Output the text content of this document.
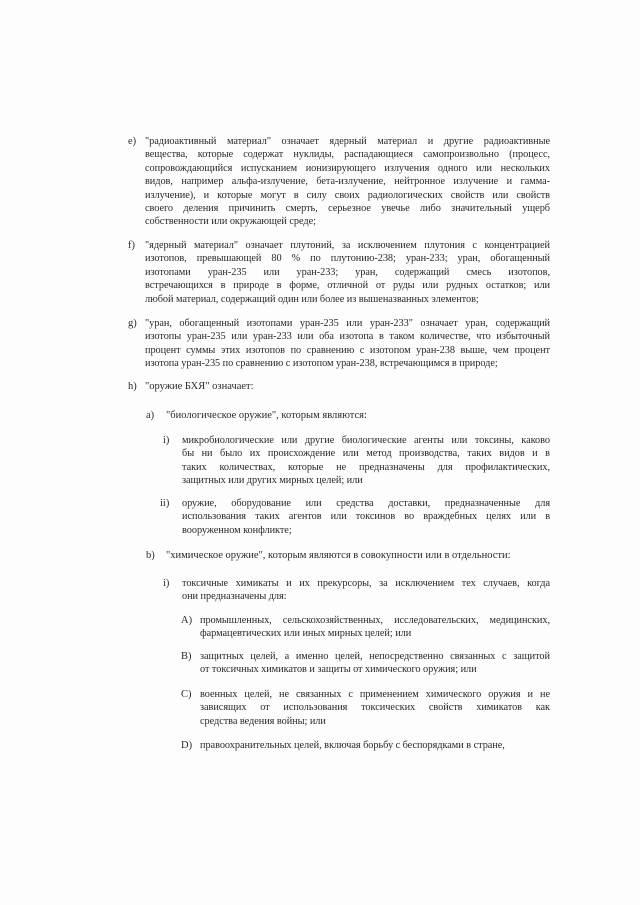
e) "радиоактивный материал" означает ядерный материал и другие радиоактивные
вещества, которые содержат нуклиды, распадающиеся самопроизвольно (процесс,
сопровождающийся испусканием ионизирующего излучения одного или нескольких
видов, например альфа-излучение, бета-излучение, нейтронное излучение и гамма-
излучение), и которые могут в силу своих радиологических свойств или свойств
своего деления причинить смерть, серьезное увечье либо значительный ущерб
собственности или окружающей среде;
f) "ядерный материал" означает плутоний, за исключением плутония с концентрацией
изотопов, превышающей 80 % по плутонию-238; уран-233; уран, обогащенный
изотопами уран-235 или уран-233; уран, содержащий смесь изотопов,
встречающихся в природе в форме, отличной от руды или рудных остатков; или
любой материал, содержащий один или более из вышеназванных элементов;
g) "уран, обогащенный изотопами уран-235 или уран-233" означает уран, содержащий
изотопы уран-235 или уран-233 или оба изотопа в таком количестве, что избыточный
процент суммы этих изотопов по сравнению с изотопом уран-238 выше, чем процент
изотопа уран-235 по сравнению с изотопом уран-238, встречающимся в природе;
h) "оружие БХЯ" означает:
a) "биологическое оружие", которым являются:
i) микробиологические или другие биологические агенты или токсины, каково
бы ни было их происхождение или метод производства, таких видов и в
таких количествах, которые не предназначены для профилактических,
защитных или других мирных целей; или
ii) оружие, оборудование или средства доставки, предназначенные для
использования таких агентов или токсинов во враждебных целях или в
вооруженном конфликте;
b) "химическое оружие", которым являются в совокупности или в отдельности:
i) токсичные химикаты и их прекурсоры, за исключением тех случаев, когда
они предназначены для:
A) промышленных, сельскохозяйственных, исследовательских, медицинских,
фармацевтических или иных мирных целей; или
B) защитных целей, а именно целей, непосредственно связанных с защитой
от токсичных химикатов и защиты от химического оружия; или
C) военных целей, не связанных с применением химического оружия и не
зависящих от использования токсических свойств химикатов как
средства ведения войны; или
D) правоохранительных целей, включая борьбу с беспорядками в стране,
